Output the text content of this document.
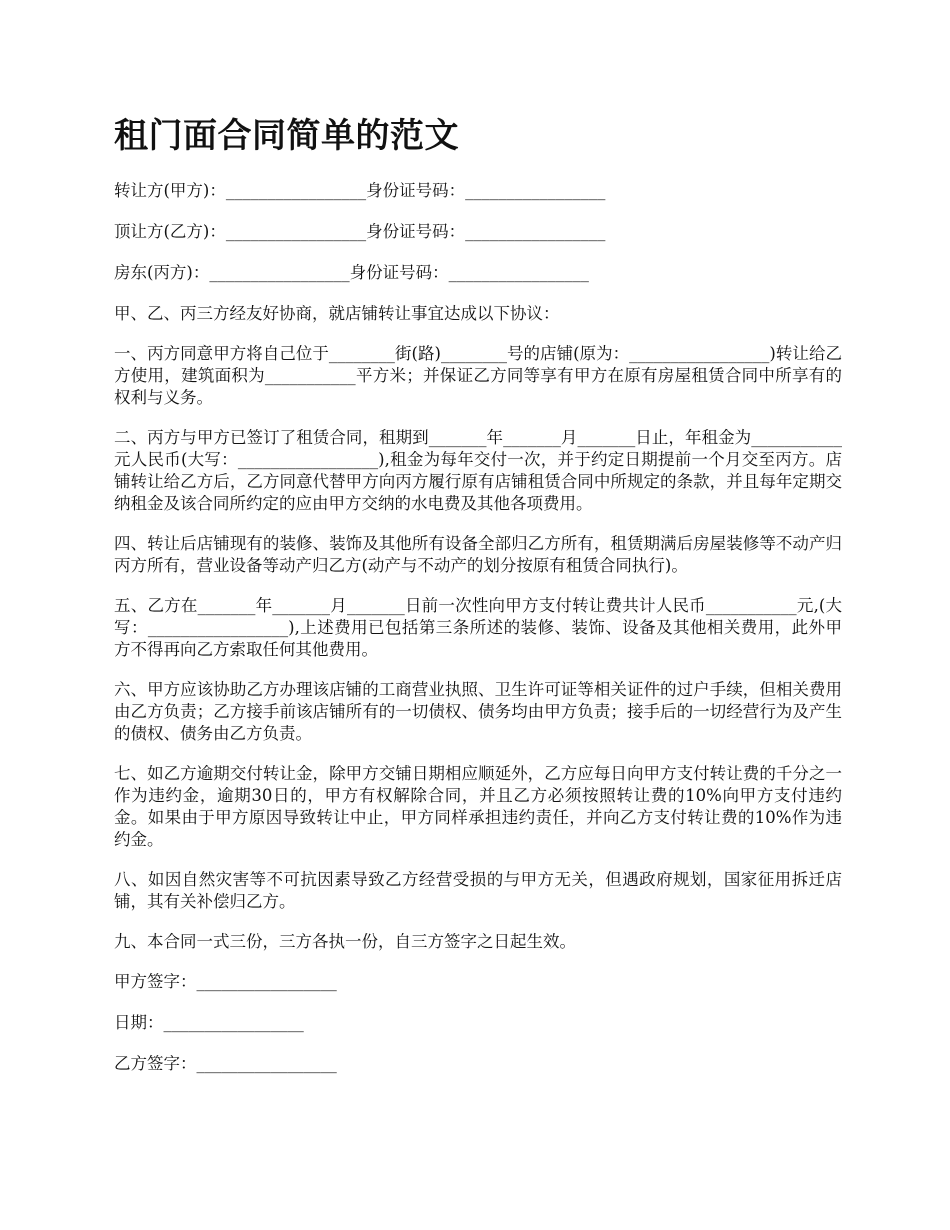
租门面合同简单的范文
转让方(甲方)：_________________身份证号码：_________________
顶让方(乙方)：_________________身份证号码：_________________
房东(丙方)：_________________身份证号码：_________________

甲、乙、丙三方经友好协商，就店铺转让事宜达成以下协议：

一、丙方同意甲方将自己位于________街(路)________号的店铺(原为：_________________)转让给乙方使用，建筑面积为___________平方米；并保证乙方同等享有甲方在原有房屋租赁合同中所享有的权利与义务。

二、丙方与甲方已签订了租赁合同，租期到_______年_______月_______日止，年租金为___________元人民币(大写：_________________),租金为每年交付一次，并于约定日期提前一个月交至丙方。店铺转让给乙方后，乙方同意代替甲方向丙方履行原有店铺租赁合同中所规定的条款，并且每年定期交纳租金及该合同所约定的应由甲方交纳的水电费及其他各项费用。

四、转让后店铺现有的装修、装饰及其他所有设备全部归乙方所有，租赁期满后房屋装修等不动产归丙方所有，营业设备等动产归乙方(动产与不动产的划分按原有租赁合同执行)。

五、乙方在_______年_______月_______日前一次性向甲方支付转让费共计人民币___________元,(大写：_________________),上述费用已包括第三条所述的装修、装饰、设备及其他相关费用，此外甲方不得再向乙方索取任何其他费用。

六、甲方应该协助乙方办理该店铺的工商营业执照、卫生许可证等相关证件的过户手续，但相关费用由乙方负责；乙方接手前该店铺所有的一切债权、债务均由甲方负责；接手后的一切经营行为及产生的债权、债务由乙方负责。

七、如乙方逾期交付转让金，除甲方交铺日期相应顺延外，乙方应每日向甲方支付转让费的千分之一作为违约金，逾期30日的，甲方有权解除合同，并且乙方必须按照转让费的10%向甲方支付违约金。如果由于甲方原因导致转让中止，甲方同样承担违约责任，并向乙方支付转让费的10%作为违约金。

八、如因自然灾害等不可抗因素导致乙方经营受损的与甲方无关，但遇政府规划，国家征用拆迁店铺，其有关补偿归乙方。

九、本合同一式三份，三方各执一份，自三方签字之日起生效。

甲方签字：_________________
日期：_________________
乙方签字：_________________
